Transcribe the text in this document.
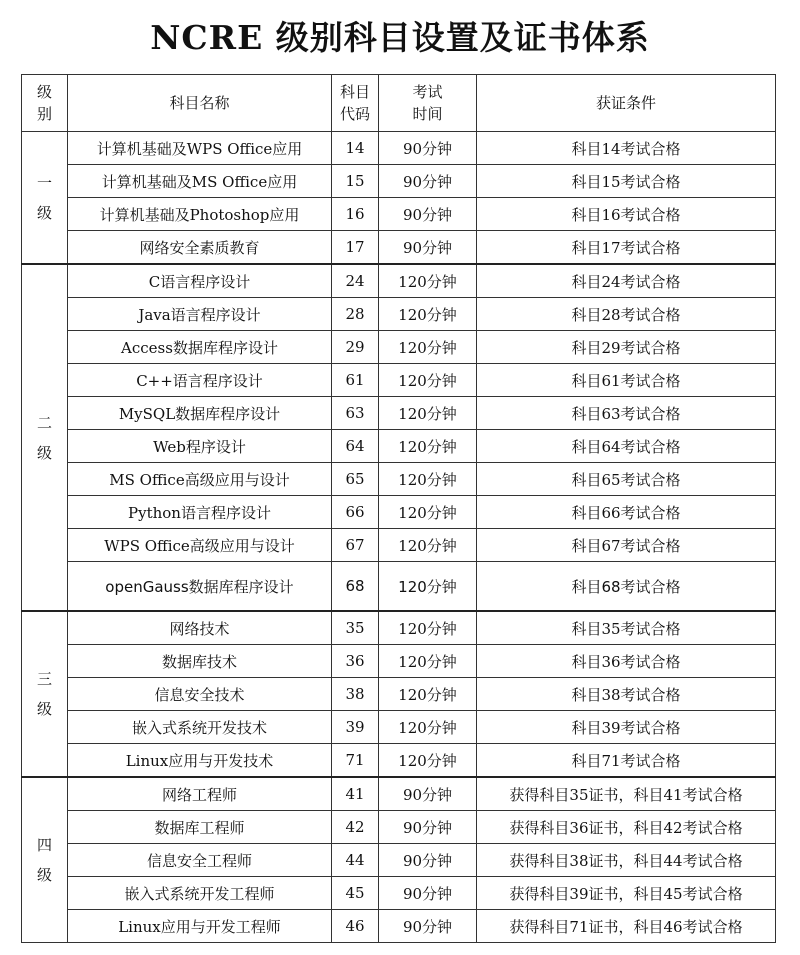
NCRE 级别科目设置及证书体系
级别	科目名称	科目代码	考试时间	获证条件
一级	计算机基础及WPS Office应用	14	90分钟	科目14考试合格
	计算机基础及MS Office应用	15	90分钟	科目15考试合格
	计算机基础及Photoshop应用	16	90分钟	科目16考试合格
	网络安全素质教育	17	90分钟	科目17考试合格
二级	C语言程序设计	24	120分钟	科目24考试合格
	Java语言程序设计	28	120分钟	科目28考试合格
	Access数据库程序设计	29	120分钟	科目29考试合格
	C++语言程序设计	61	120分钟	科目61考试合格
	MySQL数据库程序设计	63	120分钟	科目63考试合格
	Web程序设计	64	120分钟	科目64考试合格
	MS Office高级应用与设计	65	120分钟	科目65考试合格
	Python语言程序设计	66	120分钟	科目66考试合格
	WPS Office高级应用与设计	67	120分钟	科目67考试合格
	openGauss数据库程序设计	68	120分钟	科目68考试合格
三级	网络技术	35	120分钟	科目35考试合格
	数据库技术	36	120分钟	科目36考试合格
	信息安全技术	38	120分钟	科目38考试合格
	嵌入式系统开发技术	39	120分钟	科目39考试合格
	Linux应用与开发技术	71	120分钟	科目71考试合格
四级	网络工程师	41	90分钟	获得科目35证书，科目41考试合格
	数据库工程师	42	90分钟	获得科目36证书，科目42考试合格
	信息安全工程师	44	90分钟	获得科目38证书，科目44考试合格
	嵌入式系统开发工程师	45	90分钟	获得科目39证书，科目45考试合格
	Linux应用与开发工程师	46	90分钟	获得科目71证书，科目46考试合格
